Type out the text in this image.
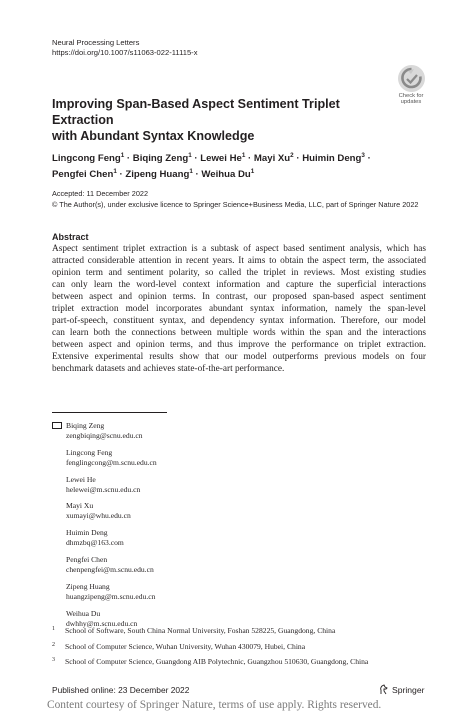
Neural Processing Letters
https://doi.org/10.1007/s11063-022-11115-x
Check for
updates
Improving Span-Based Aspect Sentiment Triplet Extraction
with Abundant Syntax Knowledge
Lingcong Feng$^1$ · Biqing Zeng$^1$ · Lewei $He^1$ · Mayi $Xu^2 \cdot Huimin$ Deng$^3$ ·
Pengfei Chen$^1$ · Zipeng Huang$^1$ · Weihua Du$^1$
Accepted: 11 December 2022
© The Author(s), under exclusive licence to Springer Science+Business Media, LLC, part of Springer Nature 2022
Abstract

Aspect sentiment triplet extraction is a subtask of aspect based sentiment analysis, which has
attracted considerable attention in recent years. It aims to obtain the aspect term, the associated
opinion term and sentiment polarity, so called the triplet in reviews. Most existing studies
can only learn the word-level context information and capture the superficial interactions
between aspect and opinion terms. In contrast, our proposed span-based aspect sentiment
triplet extraction model incorporates abundant syntax information, namely the span-level
part-of-speech, constituent syntax, and dependency syntax information. Therefore, our model
can learn both the connections between multiple words within the span and the interactions
between aspect and opinion terms, and thus improve the performance on triplet extraction.
Extensive experimental results show that our model outperforms previous models on four
benchmark datasets and achieves state-of-the-art performance.

Biqing Zeng
zengbiqing@scnu.edu.cn
Lingcong Feng
fenglingcong@m.scnu.edu.cn
Lewei He
helewei@m.scnu.edu.cn
Mayi Xu
xumayi@whu.edu.cn
Huimin Deng
dhmzbq@163.com
Pengfei Chen
chenpengfei@m.scnu.edu.cn
Zipeng Huang
huangzipeng@m.scnu.edu.cn
Weihua Du
dwhhy@m.scnu.edu.cn
1	School of Software, South China Normal University, Foshan 528225, Guangdong, China
2	School of Computer Science, Wuhan University, Wuhan 430079, Hubei, China
3	School of Computer Science, Guangdong AIB Polytechnic, Guangzhou 510630, Guangdong, China
Published online: 23 December 2022	Springer
Content courtesy of Springer Nature, terms of use apply. Rights reserved.
